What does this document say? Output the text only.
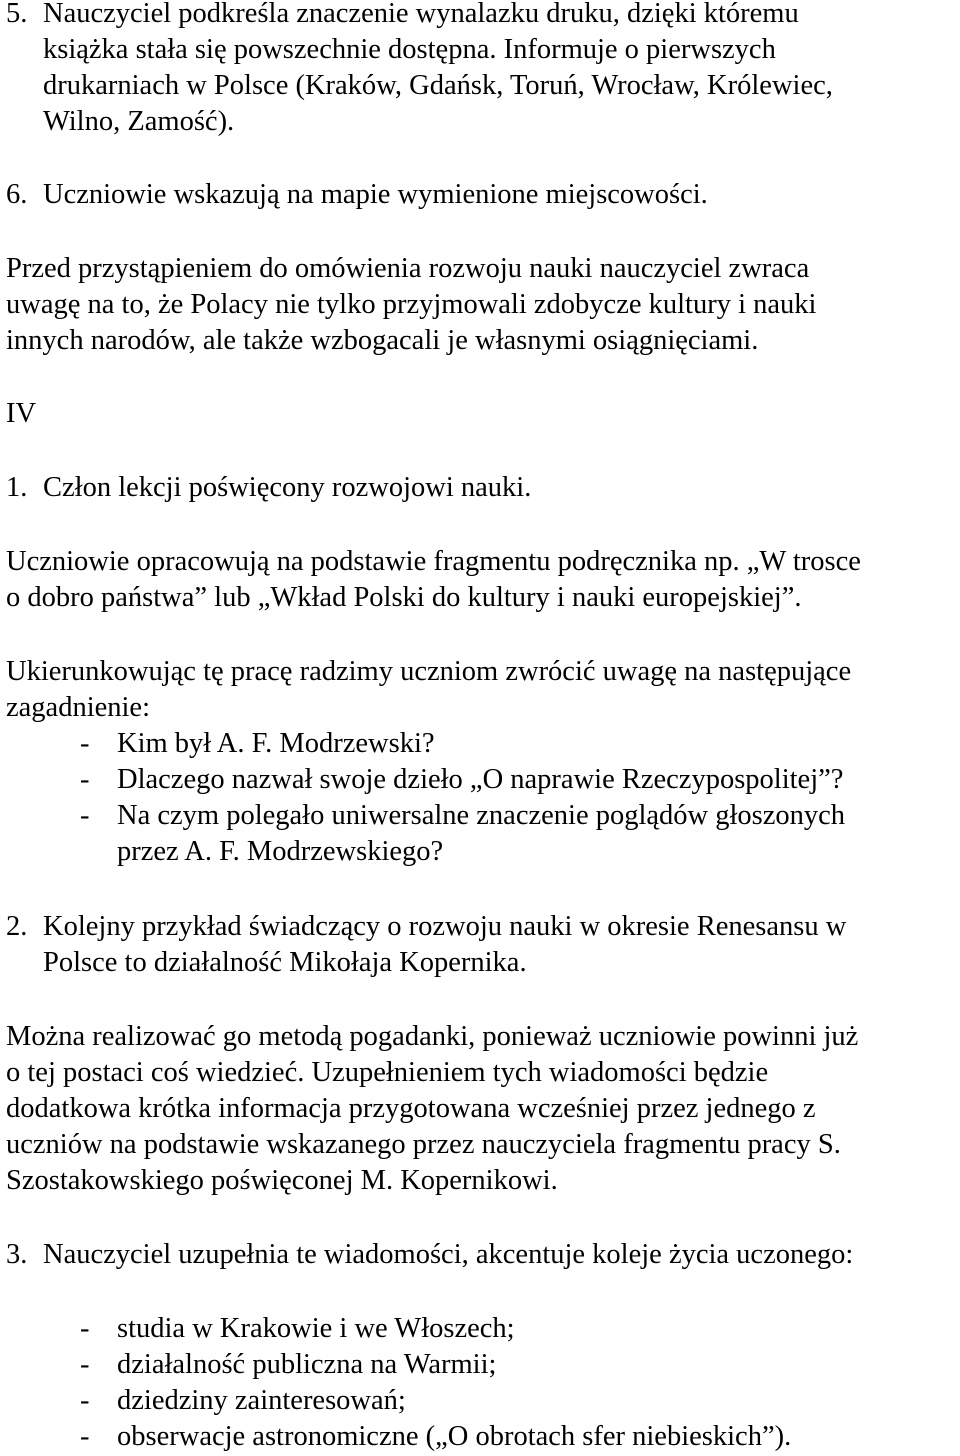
5. Nauczyciel podkreśla znaczenie wynalazku druku, dzięki któremu
książka stała się powszechnie dostępna. Informuje o pierwszych
drukarniach w Polsce (Kraków, Gdańsk, Toruń, Wrocław, Królewiec,
Wilno, Zamość).
6. Uczniowie wskazują na mapie wymienione miejscowości.
Przed przystąpieniem do omówienia rozwoju nauki nauczyciel zwraca
uwagę na to, że Polacy nie tylko przyjmowali zdobycze kultury i nauki
innych narodów, ale także wzbogacali je własnymi osiągnięciami.
IV
1. Człon lekcji poświęcony rozwojowi nauki.
Uczniowie opracowują na podstawie fragmentu podręcznika np. „W trosce
o dobro państwa” lub „Wkład Polski do kultury i nauki europejskiej”.
Ukierunkowując tę pracę radzimy uczniom zwrócić uwagę na następujące
zagadnienie:
- Kim był A. F. Modrzewski?
- Dlaczego nazwał swoje dzieło „O naprawie Rzeczypospolitej”?
- Na czym polegało uniwersalne znaczenie poglądów głoszonych
przez A. F. Modrzewskiego?
2. Kolejny przykład świadczący o rozwoju nauki w okresie Renesansu w
Polsce to działalność Mikołaja Kopernika.
Można realizować go metodą pogadanki, ponieważ uczniowie powinni już
o tej postaci coś wiedzieć. Uzupełnieniem tych wiadomości będzie
dodatkowa krótka informacja przygotowana wcześniej przez jednego z
uczniów na podstawie wskazanego przez nauczyciela fragmentu pracy S.
Szostakowskiego poświęconej M. Kopernikowi.
3. Nauczyciel uzupełnia te wiadomości, akcentuje koleje życia uczonego:
- studia w Krakowie i we Włoszech;
- działalność publiczna na Warmii;
- dziedziny zainteresowań;
- obserwacje astronomiczne („O obrotach sfer niebieskich”).
